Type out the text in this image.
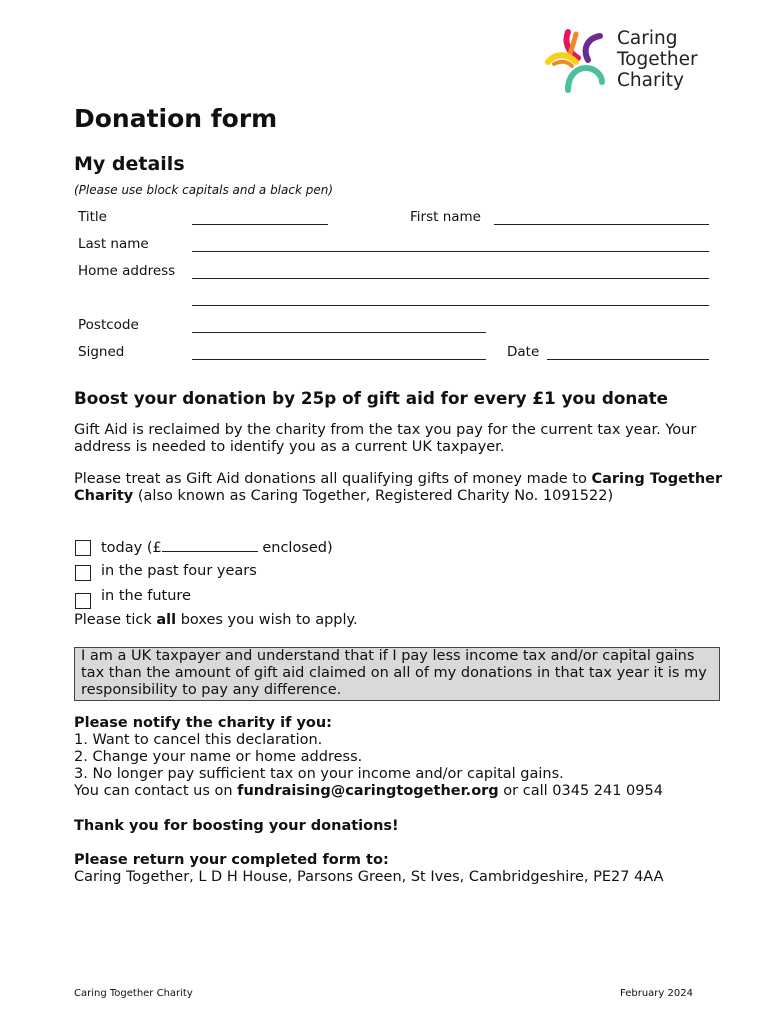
Caring
Together
Charity
Donation form
My details
(Please use block capitals and a black pen)
Title	First name
Last name
Home address
Postcode
Signed	Date
Boost your donation by 25p of gift aid for every £1 you donate
Gift Aid is reclaimed by the charity from the tax you pay for the current tax year. Your address is needed to identify you as a current UK taxpayer.
Please treat as Gift Aid donations all qualifying gifts of money made to Caring Together Charity (also known as Caring Together, Registered Charity No. 1091522)
today (£	enclosed)
in the past four years
in the future
Please tick all boxes you wish to apply.
I am a UK taxpayer and understand that if I pay less income tax and/or capital gains tax than the amount of gift aid claimed on all of my donations in that tax year it is my responsibility to pay any difference.
Please notify the charity if you:
1. Want to cancel this declaration.
2. Change your name or home address.
3. No longer pay sufficient tax on your income and/or capital gains.
You can contact us on fundraising@caringtogether.org or call 0345 241 0954
Thank you for boosting your donations!
Please return your completed form to:
Caring Together, L D H House, Parsons Green, St Ives, Cambridgeshire, PE27 4AA
Caring Together Charity	February 2024
